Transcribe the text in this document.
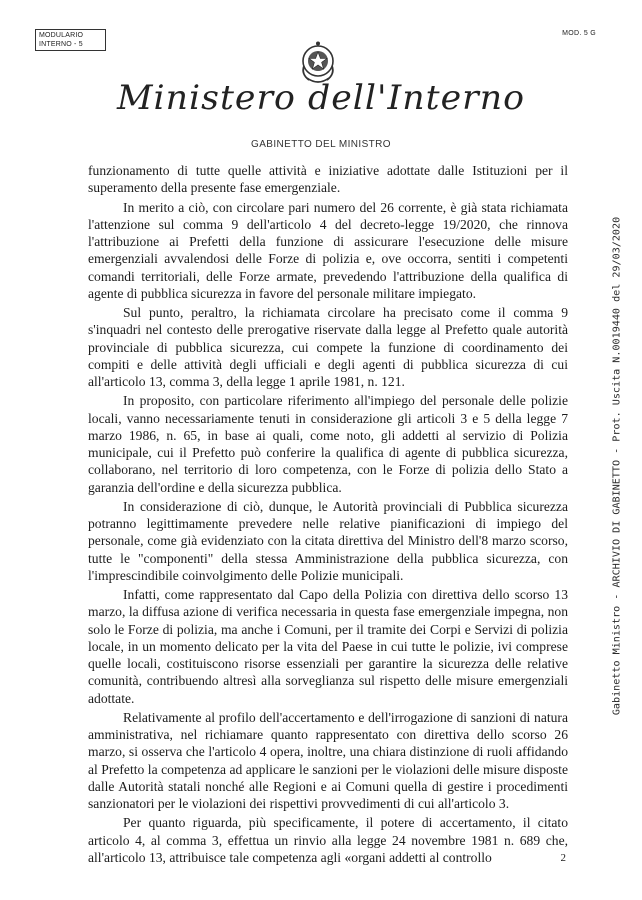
MODULARIO
INTERNO - 5
MOD. 5 G
Ministero dell'Interno
GABINETTO DEL MINISTRO
Gabinetto Ministro - ARCHIVIO DI GABINETTO - Prot. Uscita N.0019440 del 29/03/2020

funzionamento di tutte quelle attività e iniziative adottate dalle Istituzioni per il superamento della presente fase emergenziale.

In merito a ciò, con circolare pari numero del 26 corrente, è già stata richiamata l'attenzione sul comma 9 dell'articolo 4 del decreto-legge 19/2020, che rinnova l'attribuzione ai Prefetti della funzione di assicurare l'esecuzione delle misure emergenziali avvalendosi delle Forze di polizia e, ove occorra, sentiti i competenti comandi territoriali, delle Forze armate, prevedendo l'attribuzione della qualifica di agente di pubblica sicurezza in favore del personale militare impiegato.

Sul punto, peraltro, la richiamata circolare ha precisato come il comma 9 s'inquadri nel contesto delle prerogative riservate dalla legge al Prefetto quale autorità provinciale di pubblica sicurezza, cui compete la funzione di coordinamento dei compiti e delle attività degli ufficiali e degli agenti di pubblica sicurezza di cui all'articolo 13, comma 3, della legge 1 aprile 1981, n. 121.

In proposito, con particolare riferimento all'impiego del personale delle polizie locali, vanno necessariamente tenuti in considerazione gli articoli 3 e 5 della legge 7 marzo 1986, n. 65, in base ai quali, come noto, gli addetti al servizio di Polizia municipale, cui il Prefetto può conferire la qualifica di agente di pubblica sicurezza, collaborano, nel territorio di loro competenza, con le Forze di polizia dello Stato a garanzia dell'ordine e della sicurezza pubblica.

In considerazione di ciò, dunque, le Autorità provinciali di Pubblica sicurezza potranno legittimamente prevedere nelle relative pianificazioni di impiego del personale, come già evidenziato con la citata direttiva del Ministro dell'8 marzo scorso, tutte le "componenti" della stessa Amministrazione della pubblica sicurezza, con l'imprescindibile coinvolgimento delle Polizie municipali.

Infatti, come rappresentato dal Capo della Polizia con direttiva dello scorso 13 marzo, la diffusa azione di verifica necessaria in questa fase emergenziale impegna, non solo le Forze di polizia, ma anche i Comuni, per il tramite dei Corpi e Servizi di polizia locale, in un momento delicato per la vita del Paese in cui tutte le polizie, ivi comprese quelle locali, costituiscono risorse essenziali per garantire la sicurezza delle relative comunità, contribuendo altresì alla sorveglianza sul rispetto delle misure emergenziali adottate.

Relativamente al profilo dell'accertamento e dell'irrogazione di sanzioni di natura amministrativa, nel richiamare quanto rappresentato con direttiva dello scorso 26 marzo, si osserva che l'articolo 4 opera, inoltre, una chiara distinzione di ruoli affidando al Prefetto la competenza ad applicare le sanzioni per le violazioni delle misure disposte dalle Autorità statali nonché alle Regioni e ai Comuni quella di gestire i procedimenti sanzionatori per le violazioni dei rispettivi provvedimenti di cui all'articolo 3.

Per quanto riguarda, più specificamente, il potere di accertamento, il citato articolo 4, al comma 3, effettua un rinvio alla legge 24 novembre 1981 n. 689 che, all'articolo 13, attribuisce tale competenza agli «organi addetti al controllo	2
